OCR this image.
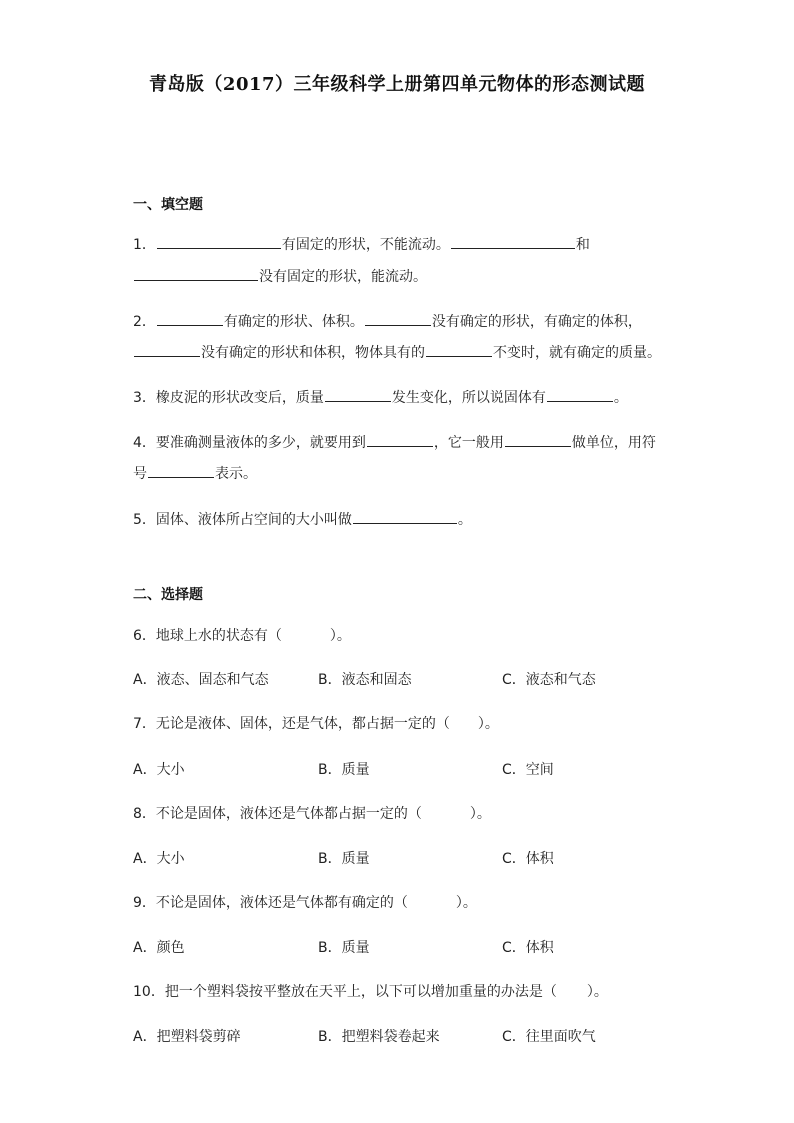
青岛版（2017）三年级科学上册第四单元物体的形态测试题
一、填空题
1．	有固定的形状，不能流动。	和
没有固定的形状，能流动。
2．	有确定的形状、体积。	没有确定的形状，有确定的体积，
没有确定的形状和体积，物体具有的	不变时，就有确定的质量。
3．橡皮泥的形状改变后，质量	发生变化，所以说固体有	。
4．要准确测量液体的多少，就要用到	，它一般用	做单位，用符
号	表示。
5．固体、液体所占空间的大小叫做	。
二、选择题
6．地球上水的状态有（	）。
A．液态、固态和气态	B．液态和固态	C．液态和气态
7．无论是液体、固体，还是气体，都占据一定的（ ）。
A．大小	B．质量	C．空间
8．不论是固体，液体还是气体都占据一定的（	）。
A．大小	B．质量	C．体积
9．不论是固体，液体还是气体都有确定的（	）。
A．颜色	B．质量	C．体积
10．把一个塑料袋按平整放在天平上，以下可以增加重量的办法是（ ）。
A．把塑料袋剪碎	B．把塑料袋卷起来	C．往里面吹气
